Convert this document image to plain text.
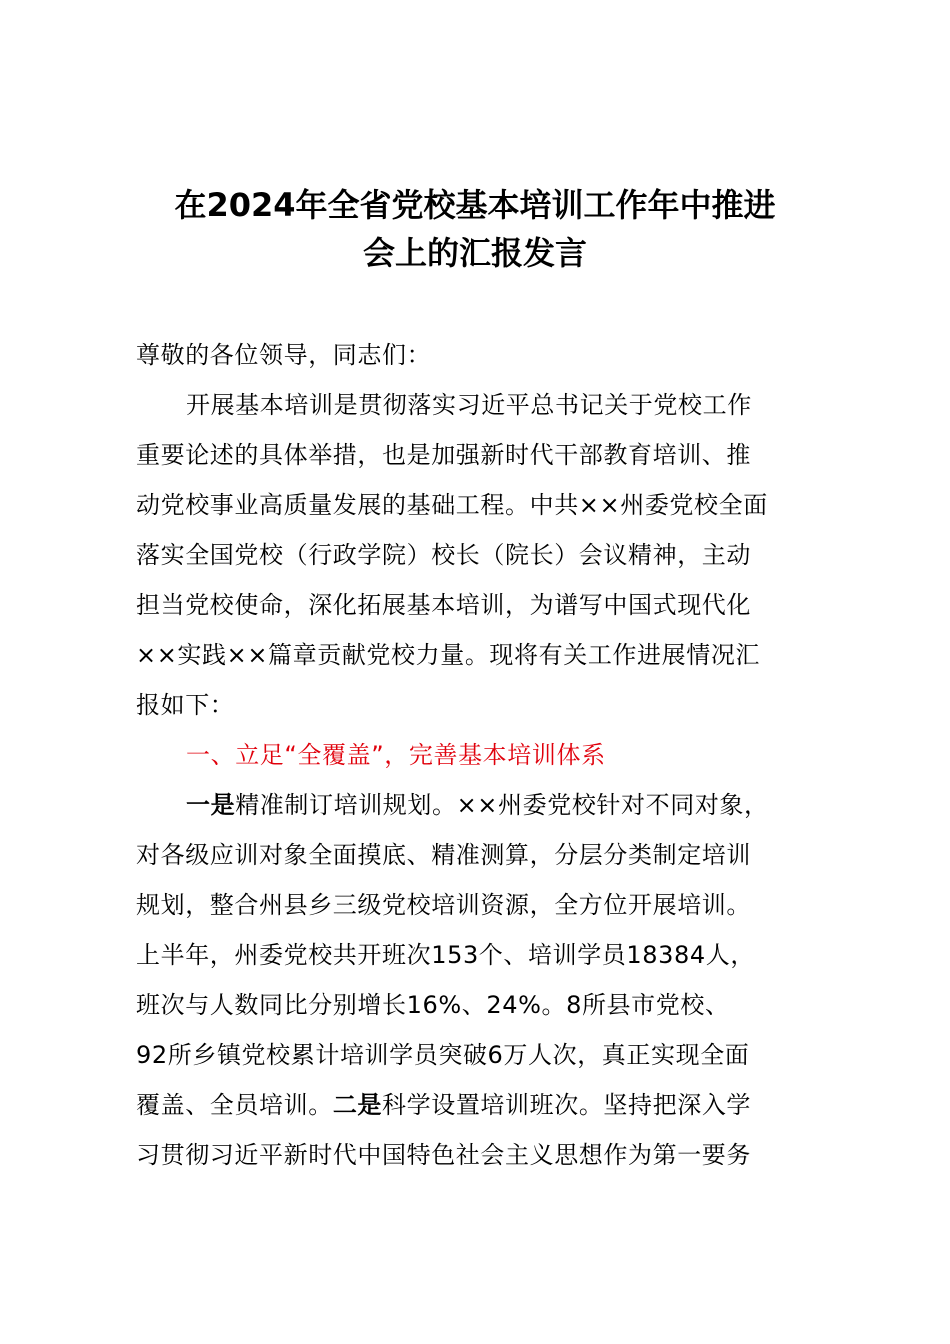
在2024年全省党校基本培训工作年中推进
会上的汇报发言
尊敬的各位领导，同志们：
开展基本培训是贯彻落实习近平总书记关于党校工作
重要论述的具体举措，也是加强新时代干部教育培训、推
动党校事业高质量发展的基础工程。中共××州委党校全面
落实全国党校（行政学院）校长（院长）会议精神，主动
担当党校使命，深化拓展基本培训，为谱写中国式现代化
××实践××篇章贡献党校力量。现将有关工作进展情况汇
报如下：
一、立足“全覆盖”，完善基本培训体系
一是精准制订培训规划。××州委党校针对不同对象，
对各级应训对象全面摸底、精准测算，分层分类制定培训
规划，整合州县乡三级党校培训资源，全方位开展培训。
上半年，州委党校共开班次153个、培训学员18384人，
班次与人数同比分别增长16%、24%。8所县市党校、
92所乡镇党校累计培训学员突破6万人次，真正实现全面
覆盖、全员培训。二是科学设置培训班次。坚持把深入学
习贯彻习近平新时代中国特色社会主义思想作为第一要务
